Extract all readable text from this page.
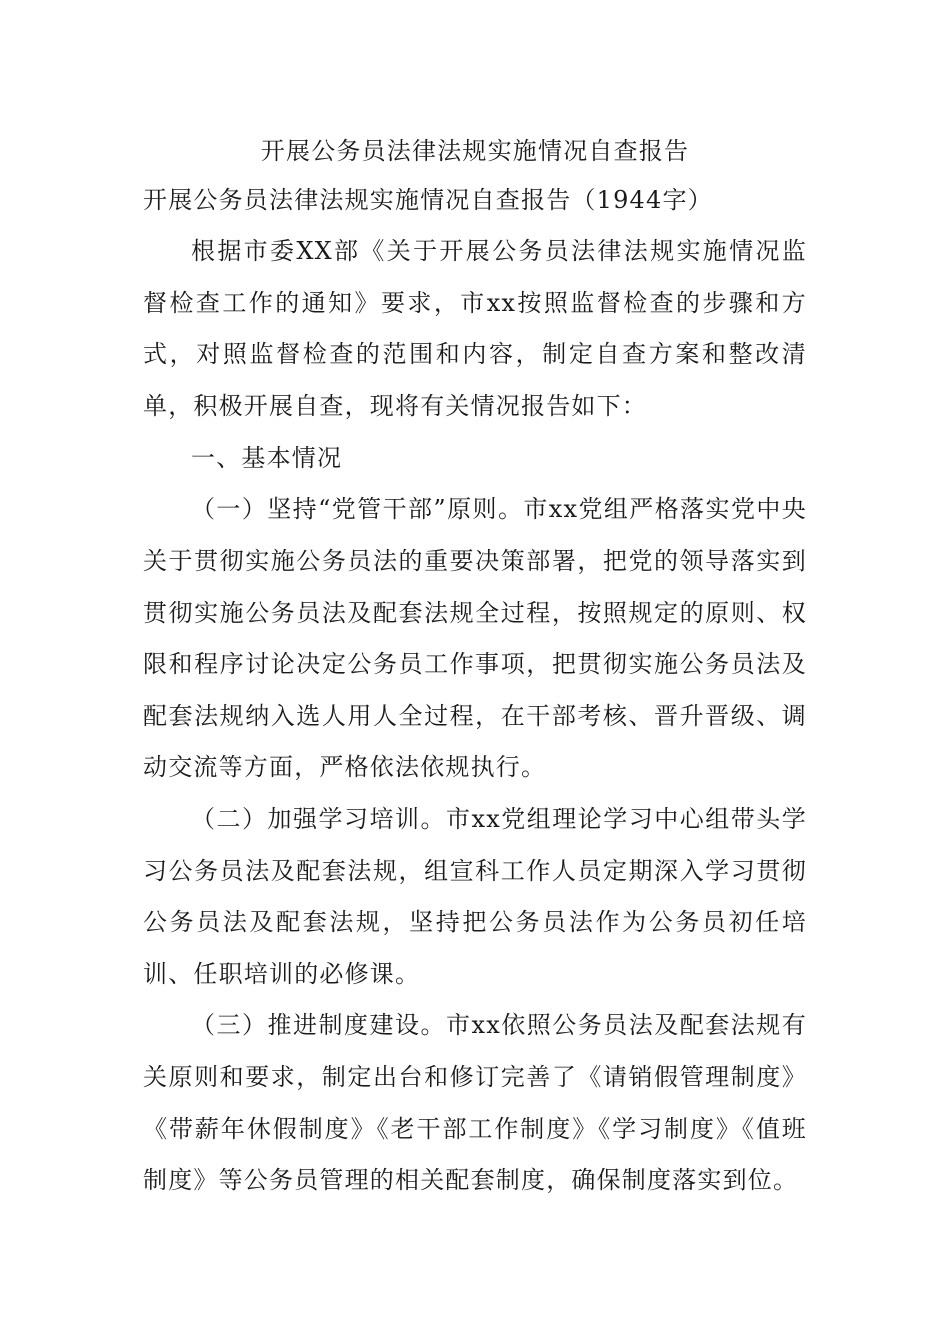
开展公务员法律法规实施情况自查报告

开展公务员法律法规实施情况自查报告（1944字）

根据市委XX部《关于开展公务员法律法规实施情况监督检查工作的通知》要求，市xx按照监督检查的步骤和方式，对照监督检查的范围和内容，制定自查方案和整改清单，积极开展自查，现将有关情况报告如下：

一、基本情况

（一）坚持“党管干部”原则。市xx党组严格落实党中央关于贯彻实施公务员法的重要决策部署，把党的领导落实到贯彻实施公务员法及配套法规全过程，按照规定的原则、权限和程序讨论决定公务员工作事项，把贯彻实施公务员法及配套法规纳入选人用人全过程，在干部考核、晋升晋级、调动交流等方面，严格依法依规执行。

（二）加强学习培训。市xx党组理论学习中心组带头学习公务员法及配套法规，组宣科工作人员定期深入学习贯彻公务员法及配套法规，坚持把公务员法作为公务员初任培训、任职培训的必修课。

（三）推进制度建设。市xx依照公务员法及配套法规有关原则和要求，制定出台和修订完善了《请销假管理制度》《带薪年休假制度》《老干部工作制度》《学习制度》《值班制度》等公务员管理的相关配套制度，确保制度落实到位。
